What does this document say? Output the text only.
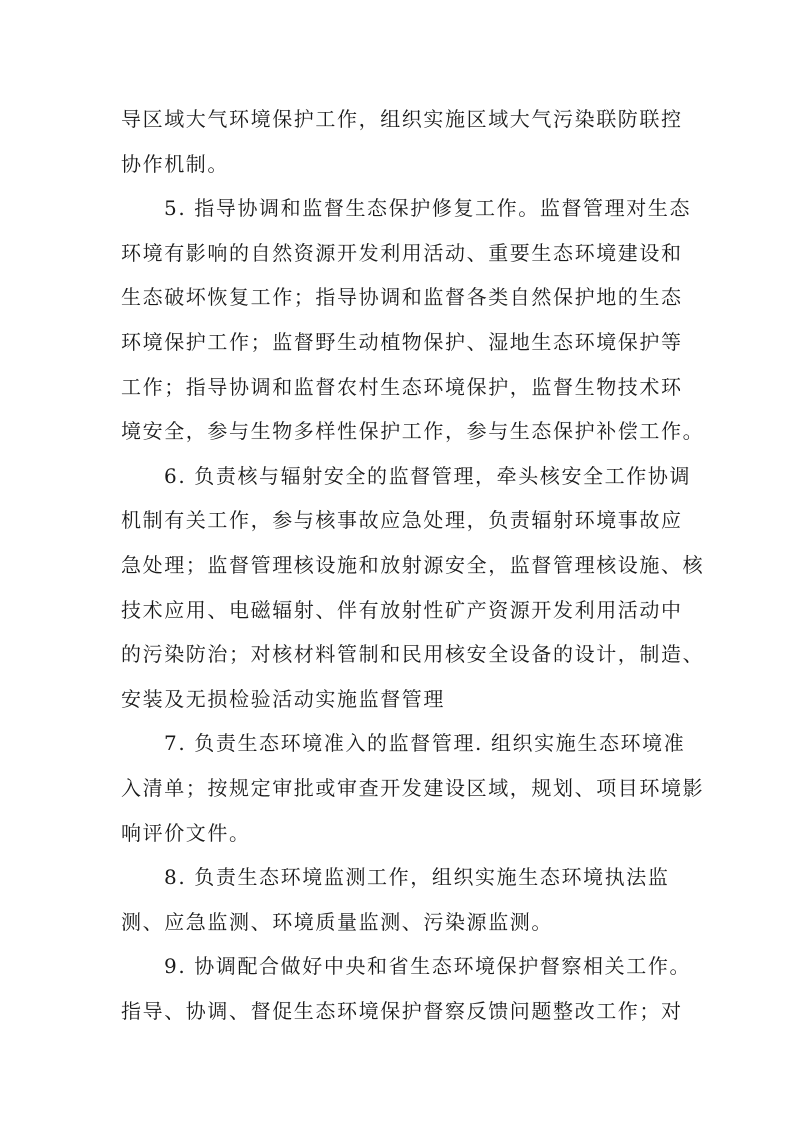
导区域大气环境保护工作，组织实施区域大气污染联防联控
协作机制。
5. 指导协调和监督生态保护修复工作。监督管理对生态
环境有影响的自然资源开发利用活动、重要生态环境建设和
生态破坏恢复工作；指导协调和监督各类自然保护地的生态
环境保护工作；监督野生动植物保护、湿地生态环境保护等
工作；指导协调和监督农村生态环境保护，监督生物技术环
境安全，参与生物多样性保护工作，参与生态保护补偿工作。
6. 负责核与辐射安全的监督管理，牵头核安全工作协调
机制有关工作，参与核事故应急处理，负责辐射环境事故应
急处理；监督管理核设施和放射源安全，监督管理核设施、核
技术应用、电磁辐射、伴有放射性矿产资源开发利用活动中
的污染防治；对核材料管制和民用核安全设备的设计，制造、
安装及无损检验活动实施监督管理
7. 负责生态环境准入的监督管理. 组织实施生态环境准
入清单；按规定审批或审查开发建设区域，规划、项目环境影
响评价文件。
8. 负责生态环境监测工作，组织实施生态环境执法监
测、应急监测、环境质量监测、污染源监测。
9. 协调配合做好中央和省生态环境保护督察相关工作。
指导、协调、督促生态环境保护督察反馈问题整改工作；对
